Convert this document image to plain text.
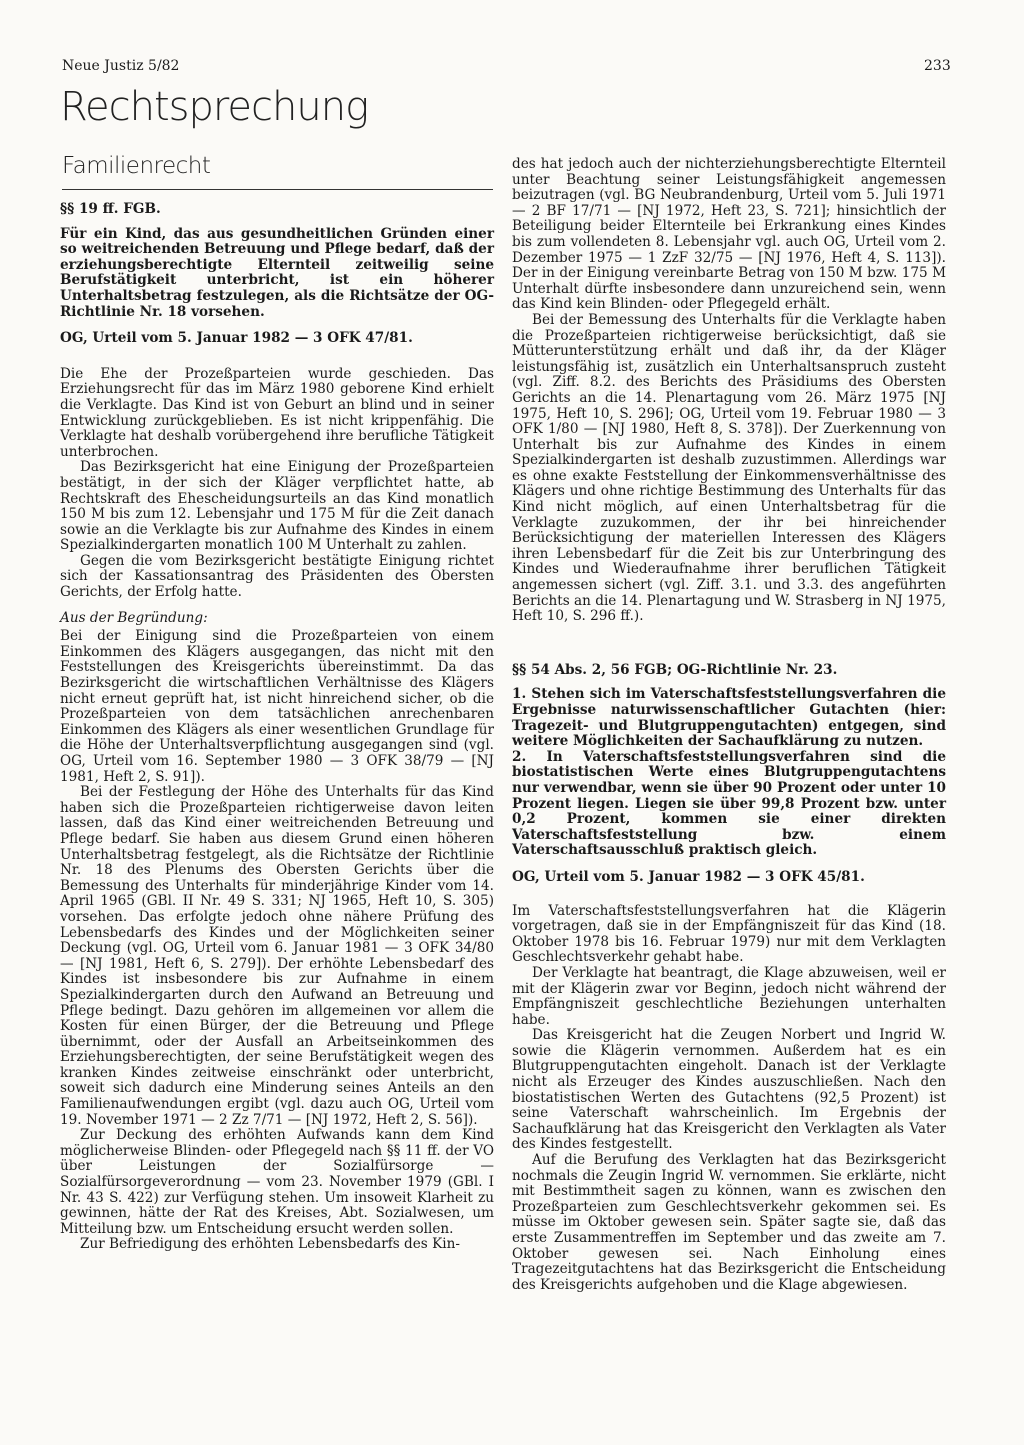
Neue Justiz 5/82	233
Rechtsprechung
Familienrecht

§§ 19 ff. FGB.

Für ein Kind, das aus gesundheitlichen Gründen einer so weitreichenden Betreuung und Pflege bedarf, daß der erziehungsberechtigte Elternteil zeitweilig seine Berufstätigkeit unterbricht, ist ein höherer Unterhaltsbetrag festzulegen, als die Richtsätze der OG-Richtlinie Nr. 18 vorsehen.

OG, Urteil vom 5. Januar 1982 — 3 OFK 47/81.

Die Ehe der Prozeßparteien wurde geschieden. Das Erziehungsrecht für das im März 1980 geborene Kind erhielt die Verklagte. Das Kind ist von Geburt an blind und in seiner Entwicklung zurückgeblieben. Es ist nicht krippenfähig. Die Verklagte hat deshalb vorübergehend ihre berufliche Tätigkeit unterbrochen.

Das Bezirksgericht hat eine Einigung der Prozeßparteien bestätigt, in der sich der Kläger verpflichtet hatte, ab Rechtskraft des Ehescheidungsurteils an das Kind monatlich 150 M bis zum 12. Lebensjahr und 175 M für die Zeit danach sowie an die Verklagte bis zur Aufnahme des Kindes in einem Spezialkindergarten monatlich 100 M Unterhalt zu zahlen.

Gegen die vom Bezirksgericht bestätigte Einigung richtet sich der Kassationsantrag des Präsidenten des Obersten Gerichts, der Erfolg hatte.

Aus der Begründung:

Bei der Einigung sind die Prozeßparteien von einem Einkommen des Klägers ausgegangen, das nicht mit den Feststellungen des Kreisgerichts übereinstimmt. Da das Bezirksgericht die wirtschaftlichen Verhältnisse des Klägers nicht erneut geprüft hat, ist nicht hinreichend sicher, ob die Prozeßparteien von dem tatsächlichen anrechenbaren Einkommen des Klägers als einer wesentlichen Grundlage für die Höhe der Unterhaltsverpflichtung ausgegangen sind (vgl. OG, Urteil vom 16. September 1980 — 3 OFK 38/79 — [NJ 1981, Heft 2, S. 91]).

Bei der Festlegung der Höhe des Unterhalts für das Kind haben sich die Prozeßparteien richtigerweise davon leiten lassen, daß das Kind einer weitreichenden Betreuung und Pflege bedarf. Sie haben aus diesem Grund einen höheren Unterhaltsbetrag festgelegt, als die Richtsätze der Richtlinie Nr. 18 des Plenums des Obersten Gerichts über die Bemessung des Unterhalts für minderjährige Kinder vom 14. April 1965 (GBl. II Nr. 49 S. 331; NJ 1965, Heft 10, S. 305) vorsehen. Das erfolgte jedoch ohne nähere Prüfung des Lebensbedarfs des Kindes und der Möglichkeiten seiner Deckung (vgl. OG, Urteil vom 6. Januar 1981 — 3 OFK 34/80 — [NJ 1981, Heft 6, S. 279]). Der erhöhte Lebensbedarf des Kindes ist insbesondere bis zur Aufnahme in einem Spezialkindergarten durch den Aufwand an Betreuung und Pflege bedingt. Dazu gehören im allgemeinen vor allem die Kosten für einen Bürger, der die Betreuung und Pflege übernimmt, oder der Ausfall an Arbeitseinkommen des Erziehungsberechtigten, der seine Berufstätigkeit wegen des kranken Kindes zeitweise einschränkt oder unterbricht, soweit sich dadurch eine Minderung seines Anteils an den Familienaufwendungen ergibt (vgl. dazu auch OG, Urteil vom 19. November 1971 — 2 Zz 7/71 — [NJ 1972, Heft 2, S. 56]).

Zur Deckung des erhöhten Aufwands kann dem Kind möglicherweise Blinden- oder Pflegegeld nach §§ 11 ff. der VO über Leistungen der Sozialfürsorge — Sozialfürsorgeverordnung — vom 23. November 1979 (GBl. I Nr. 43 S. 422) zur Verfügung stehen. Um insoweit Klarheit zu gewinnen, hätte der Rat des Kreises, Abt. Sozialwesen, um Mitteilung bzw. um Entscheidung ersucht werden sollen.

Zur Befriedigung des erhöhten Lebensbedarfs des Kin-

des hat jedoch auch der nichterziehungsberechtigte Elternteil unter Beachtung seiner Leistungsfähigkeit angemessen beizutragen (vgl. BG Neubrandenburg, Urteil vom 5. Juli 1971 — 2 BF 17/71 — [NJ 1972, Heft 23, S. 721]; hinsichtlich der Beteiligung beider Elternteile bei Erkrankung eines Kindes bis zum vollendeten 8. Lebensjahr vgl. auch OG, Urteil vom 2. Dezember 1975 — 1 ZzF 32/75 — [NJ 1976, Heft 4, S. 113]). Der in der Einigung vereinbarte Betrag von 150 M bzw. 175 M Unterhalt dürfte insbesondere dann unzureichend sein, wenn das Kind kein Blinden- oder Pflegegeld erhält.

Bei der Bemessung des Unterhalts für die Verklagte haben die Prozeßparteien richtigerweise berücksichtigt, daß sie Mütterunterstützung erhält und daß ihr, da der Kläger leistungsfähig ist, zusätzlich ein Unterhaltsanspruch zusteht (vgl. Ziff. 8.2. des Berichts des Präsidiums des Obersten Gerichts an die 14. Plenartagung vom 26. März 1975 [NJ 1975, Heft 10, S. 296]; OG, Urteil vom 19. Februar 1980 — 3 OFK 1/80 — [NJ 1980, Heft 8, S. 378]). Der Zuerkennung von Unterhalt bis zur Aufnahme des Kindes in einem Spezialkindergarten ist deshalb zuzustimmen. Allerdings war es ohne exakte Feststellung der Einkommensverhältnisse des Klägers und ohne richtige Bestimmung des Unterhalts für das Kind nicht möglich, auf einen Unterhaltsbetrag für die Verklagte zuzukommen, der ihr bei hinreichender Berücksichtigung der materiellen Interessen des Klägers ihren Lebensbedarf für die Zeit bis zur Unterbringung des Kindes und Wiederaufnahme ihrer beruflichen Tätigkeit angemessen sichert (vgl. Ziff. 3.1. und 3.3. des angeführten Berichts an die 14. Plenartagung und W. Strasberg in NJ 1975, Heft 10, S. 296 ff.).

§§ 54 Abs. 2, 56 FGB; OG-Richtlinie Nr. 23.

1. Stehen sich im Vaterschaftsfeststellungsverfahren die Ergebnisse naturwissenschaftlicher Gutachten (hier: Tragezeit- und Blutgruppengutachten) entgegen, sind weitere Möglichkeiten der Sachaufklärung zu nutzen.

2. In Vaterschaftsfeststellungsverfahren sind die biostatistischen Werte eines Blutgruppengutachtens nur verwendbar, wenn sie über 90 Prozent oder unter 10 Prozent liegen. Liegen sie über 99,8 Prozent bzw. unter 0,2 Prozent, kommen sie einer direkten Vaterschaftsfeststellung bzw. einem Vaterschaftsausschluß praktisch gleich.

OG, Urteil vom 5. Januar 1982 — 3 OFK 45/81.

Im Vaterschaftsfeststellungsverfahren hat die Klägerin vorgetragen, daß sie in der Empfängniszeit für das Kind (18. Oktober 1978 bis 16. Februar 1979) nur mit dem Verklagten Geschlechtsverkehr gehabt habe.

Der Verklagte hat beantragt, die Klage abzuweisen, weil er mit der Klägerin zwar vor Beginn, jedoch nicht während der Empfängniszeit geschlechtliche Beziehungen unterhalten habe.

Das Kreisgericht hat die Zeugen Norbert und Ingrid W. sowie die Klägerin vernommen. Außerdem hat es ein Blutgruppengutachten eingeholt. Danach ist der Verklagte nicht als Erzeuger des Kindes auszuschließen. Nach den biostatistischen Werten des Gutachtens (92,5 Prozent) ist seine Vaterschaft wahrscheinlich. Im Ergebnis der Sachaufklärung hat das Kreisgericht den Verklagten als Vater des Kindes festgestellt.

Auf die Berufung des Verklagten hat das Bezirksgericht nochmals die Zeugin Ingrid W. vernommen. Sie erklärte, nicht mit Bestimmtheit sagen zu können, wann es zwischen den Prozeßparteien zum Geschlechtsverkehr gekommen sei. Es müsse im Oktober gewesen sein. Später sagte sie, daß das erste Zusammentreffen im September und das zweite am 7. Oktober gewesen sei. Nach Einholung eines Tragezeitgutachtens hat das Bezirksgericht die Entscheidung des Kreisgerichts aufgehoben und die Klage abgewiesen.
